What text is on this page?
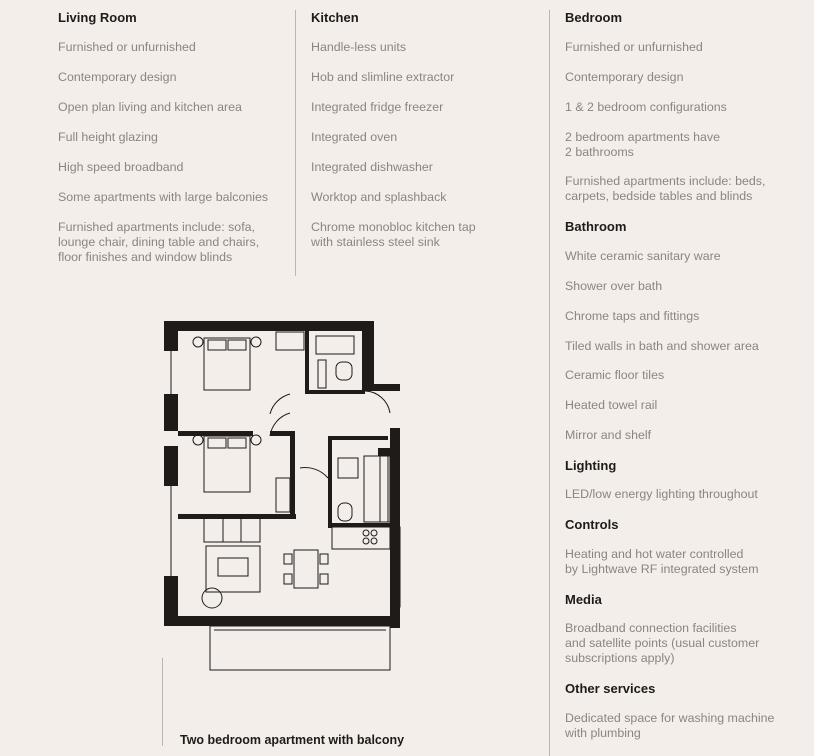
Living Room
Furnished or unfurnished
Contemporary design
Open plan living and kitchen area
Full height glazing
High speed broadband
Some apartments with large balconies
Furnished apartments include: sofa,
lounge chair, dining table and chairs,
floor finishes and window blinds
Kitchen
Handle-less units
Hob and slimline extractor
Integrated fridge freezer
Integrated oven
Integrated dishwasher
Worktop and splashback
Chrome monobloc kitchen tap
with stainless steel sink
Bedroom
Furnished or unfurnished
Contemporary design
1 & 2 bedroom configurations
2 bedroom apartments have
2 bathrooms
Furnished apartments include: beds,
carpets, bedside tables and blinds
Bathroom
White ceramic sanitary ware
Shower over bath
Chrome taps and fittings
Tiled walls in bath and shower area
Ceramic floor tiles
Heated towel rail
Mirror and shelf
Lighting
LED/low energy lighting throughout
Controls
Heating and hot water controlled
by Lightwave RF integrated system
Media
Broadband connection facilities
and satellite points (usual customer
subscriptions apply)
Other services
Dedicated space for washing machine
with plumbing
Two bedroom apartment with balcony
